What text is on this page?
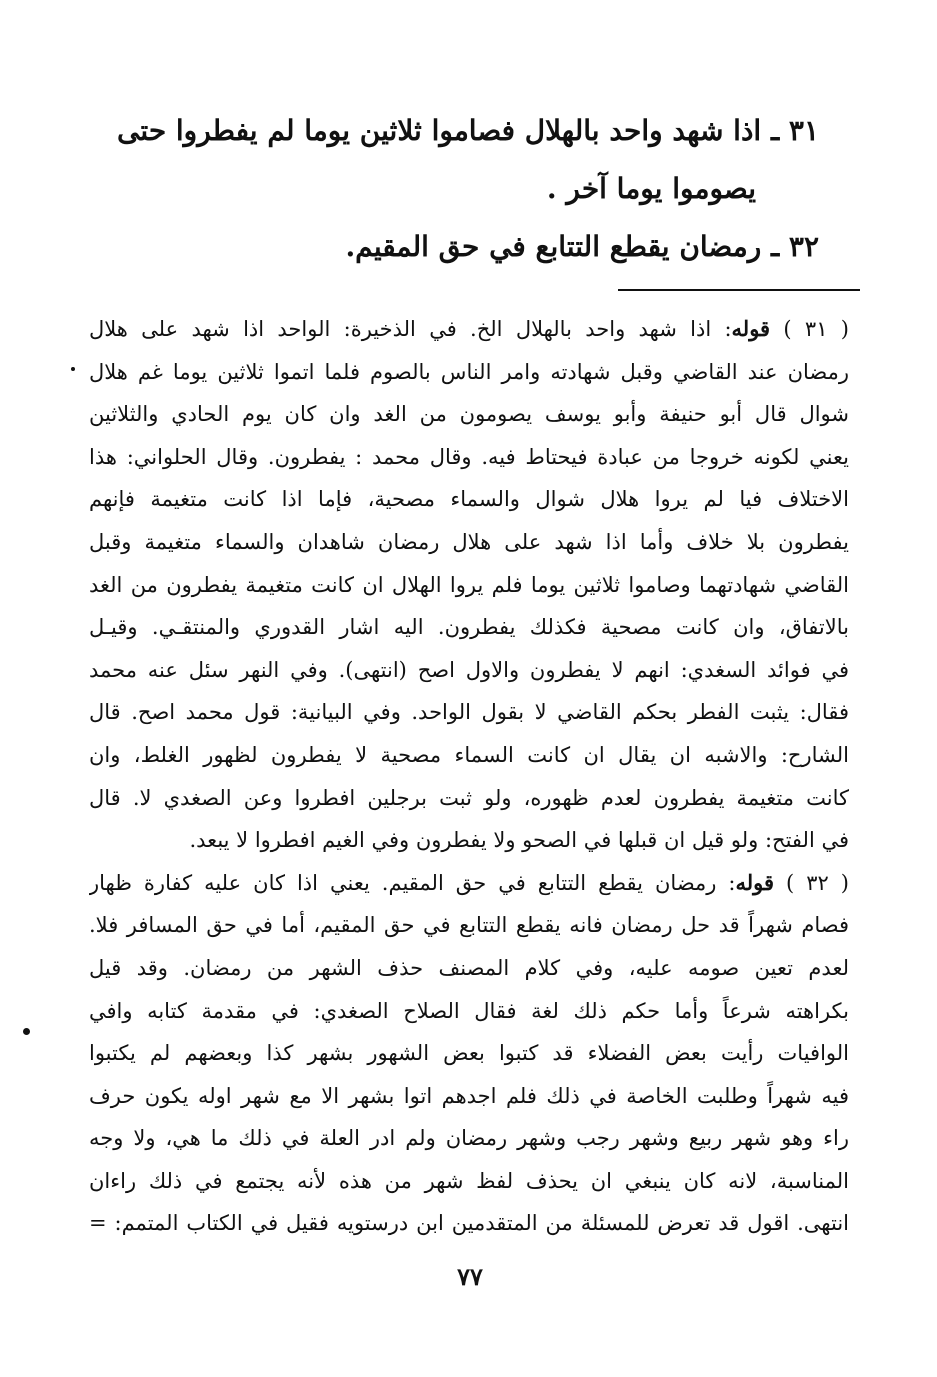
٣١ ـ اذا شهد واحد بالهلال فصاموا ثلاثين يوما لم يفطروا حتى

يصوموا يوما آخر .

٣٢ ـ رمضان يقطع التتابع في حق المقيم.

( ٣١ ) قوله: اذا شهد واحد بالهلال الخ. في الذخيرة: الواحد اذا شهد على هلال
رمضان عند القاضي وقبل شهادته وامر الناس بالصوم فلما اتموا ثلاثين يوما غم هلال
شوال قال أبو حنيفة وأبو يوسف يصومون من الغد وان كان يوم الحادي والثلاثين
يعني لكونه خروجا من عبادة فيحتاط فيه. وقال محمد : يفطرون. وقال الحلواني: هذا
الاختلاف فيا لم يروا هلال شوال والسماء مصحية، فإما اذا كانت متغيمة فإنهم
يفطرون بلا خلاف وأما اذا شهد على هلال رمضان شاهدان والسماء متغيمة وقبل
القاضي شهادتهما وصاموا ثلاثين يوما فلم يروا الهلال ان كانت متغيمة يفطرون من الغد
بالاتفاق، وان كانت مصحية فكذلك يفطرون. اليه اشار القدوري والمنتقـي. وقيـل
في فوائد السغدي: انهم لا يفطرون والاول اصح (انتهى). وفي النهر سئل عنه محمد
فقال: يثبت الفطر بحكم القاضي لا بقول الواحد. وفي البيانية: قول محمد اصح. قال
الشارح: والاشبه ان يقال ان كانت السماء مصحية لا يفطرون لظهور الغلط، وان
كانت متغيمة يفطرون لعدم ظهوره، ولو ثبت برجلين افطروا وعن الصغدي لا. قال
في الفتح: ولو قيل ان قبلها في الصحو ولا يفطرون وفي الغيم افطروا لا يبعد.

( ٣٢ ) قوله: رمضان يقطع التتابع في حق المقيم. يعني اذا كان عليه كفارة ظهار
فصام شهراً قد حل رمضان فانه يقطع التتابع في حق المقيم، أما في حق المسافر فلا.
لعدم تعين صومه عليه، وفي كلام المصنف حذف الشهر من رمضان. وقد قيل
بكراهته شرعاً وأما حكم ذلك لغة فقال الصلاح الصغدي: في مقدمة كتابه وافي
الوافيات رأيت بعض الفضلاء قد كتبوا بعض الشهور بشهر كذا وبعضهم لم يكتبوا
فيه شهراً وطلبت الخاصة في ذلك فلم اجدهم اتوا بشهر الا مع شهر اوله يكون حرف
راء وهو شهر ربيع وشهر رجب وشهر رمضان ولم ادر العلة في ذلك ما هي، ولا وجه
المناسبة، لانه كان ينبغي ان يحذف لفظ شهر من هذه لأنه يجتمع في ذلك راءان
انتهى. اقول قد تعرض للمسئلة من المتقدمين ابن درستويه فقيل في الكتاب المتمم: =

٧٧
